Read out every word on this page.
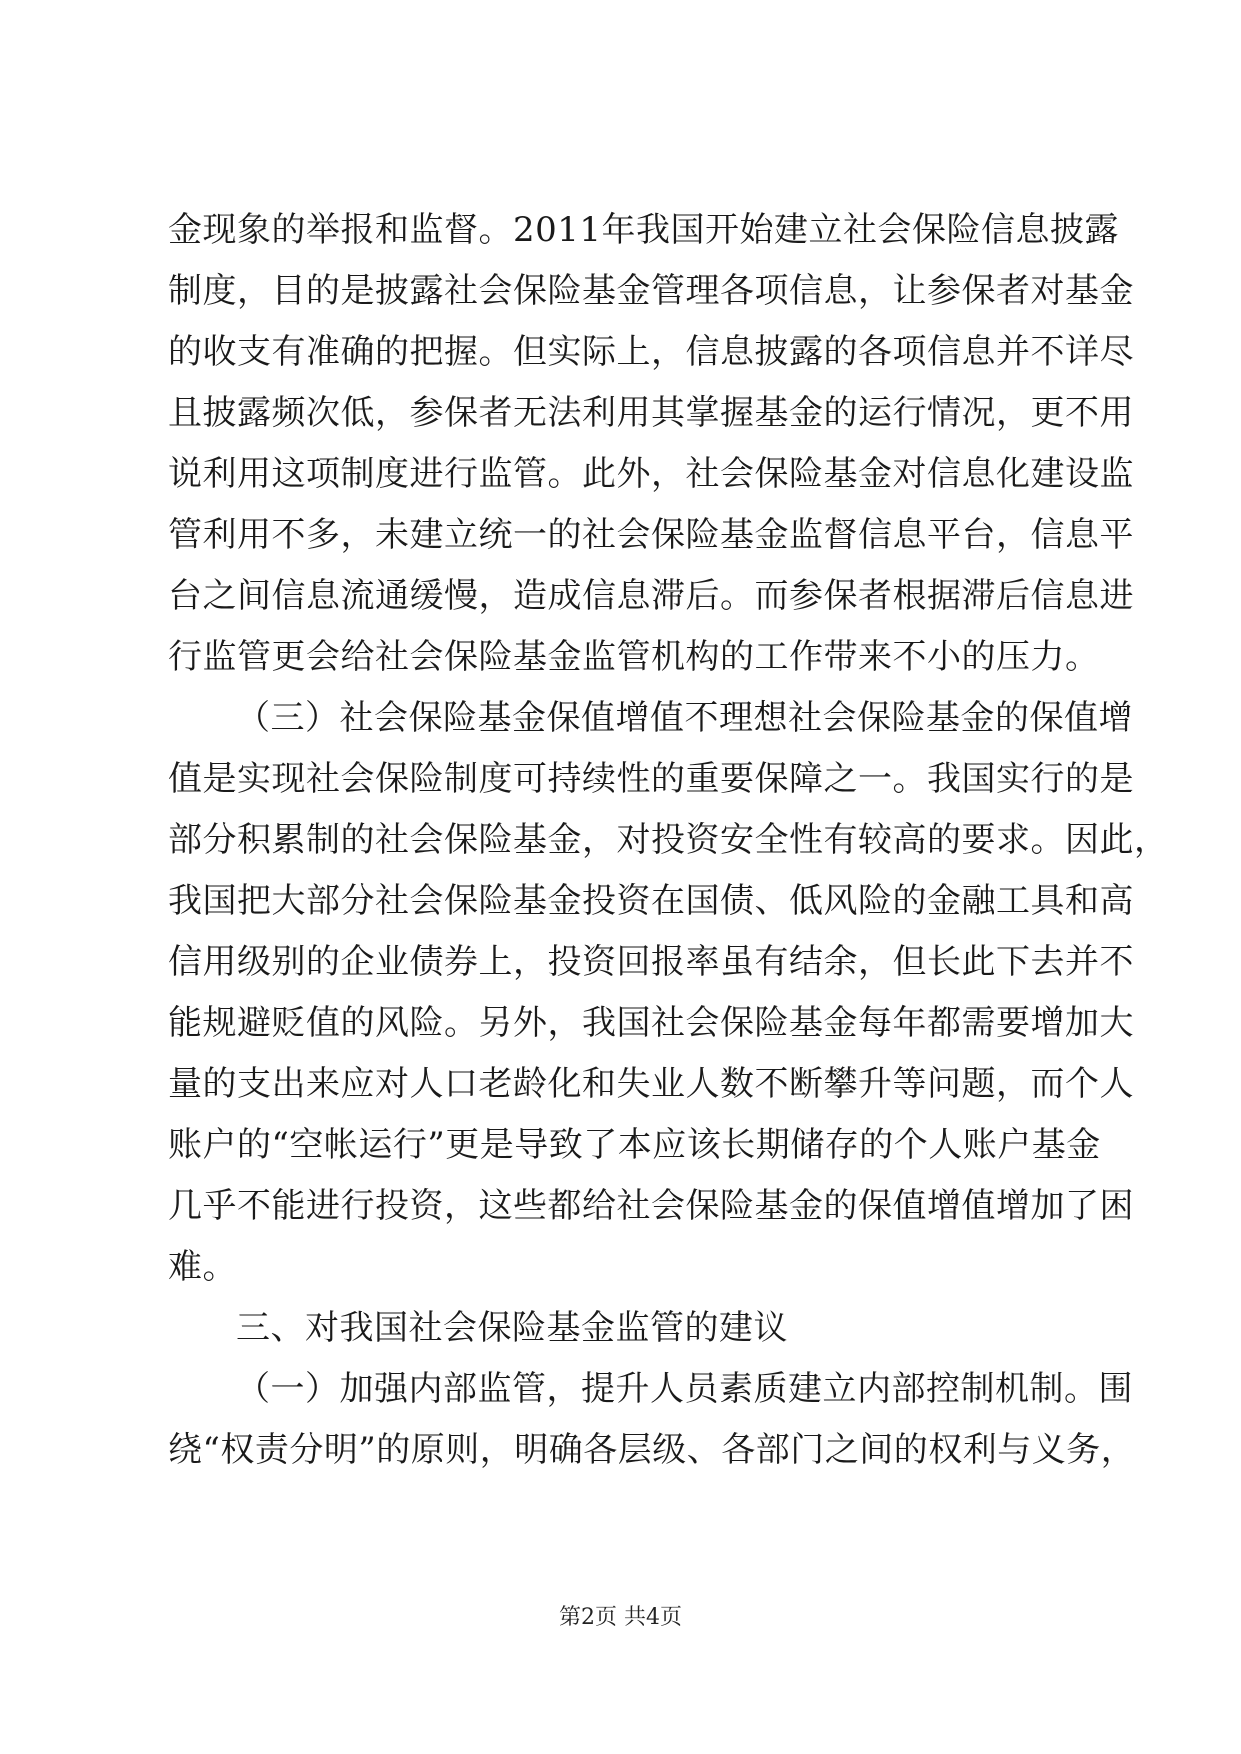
金现象的举报和监督。2011年我国开始建立社会保险信息披露
制度，目的是披露社会保险基金管理各项信息，让参保者对基金
的收支有准确的把握。但实际上，信息披露的各项信息并不详尽
且披露频次低，参保者无法利用其掌握基金的运行情况，更不用
说利用这项制度进行监管。此外，社会保险基金对信息化建设监
管利用不多，未建立统一的社会保险基金监督信息平台，信息平
台之间信息流通缓慢，造成信息滞后。而参保者根据滞后信息进
行监管更会给社会保险基金监管机构的工作带来不小的压力。
（三）社会保险基金保值增值不理想社会保险基金的保值增
值是实现社会保险制度可持续性的重要保障之一。我国实行的是
部分积累制的社会保险基金，对投资安全性有较高的要求。因此，
我国把大部分社会保险基金投资在国债、低风险的金融工具和高
信用级别的企业债券上，投资回报率虽有结余，但长此下去并不
能规避贬值的风险。另外，我国社会保险基金每年都需要增加大
量的支出来应对人口老龄化和失业人数不断攀升等问题，而个人
账户的“空帐运行”更是导致了本应该长期储存的个人账户基金
几乎不能进行投资，这些都给社会保险基金的保值增值增加了困
难。
三、对我国社会保险基金监管的建议
（一）加强内部监管，提升人员素质建立内部控制机制。围
绕“权责分明”的原则，明确各层级、各部门之间的权利与义务，
第2页 共4页
